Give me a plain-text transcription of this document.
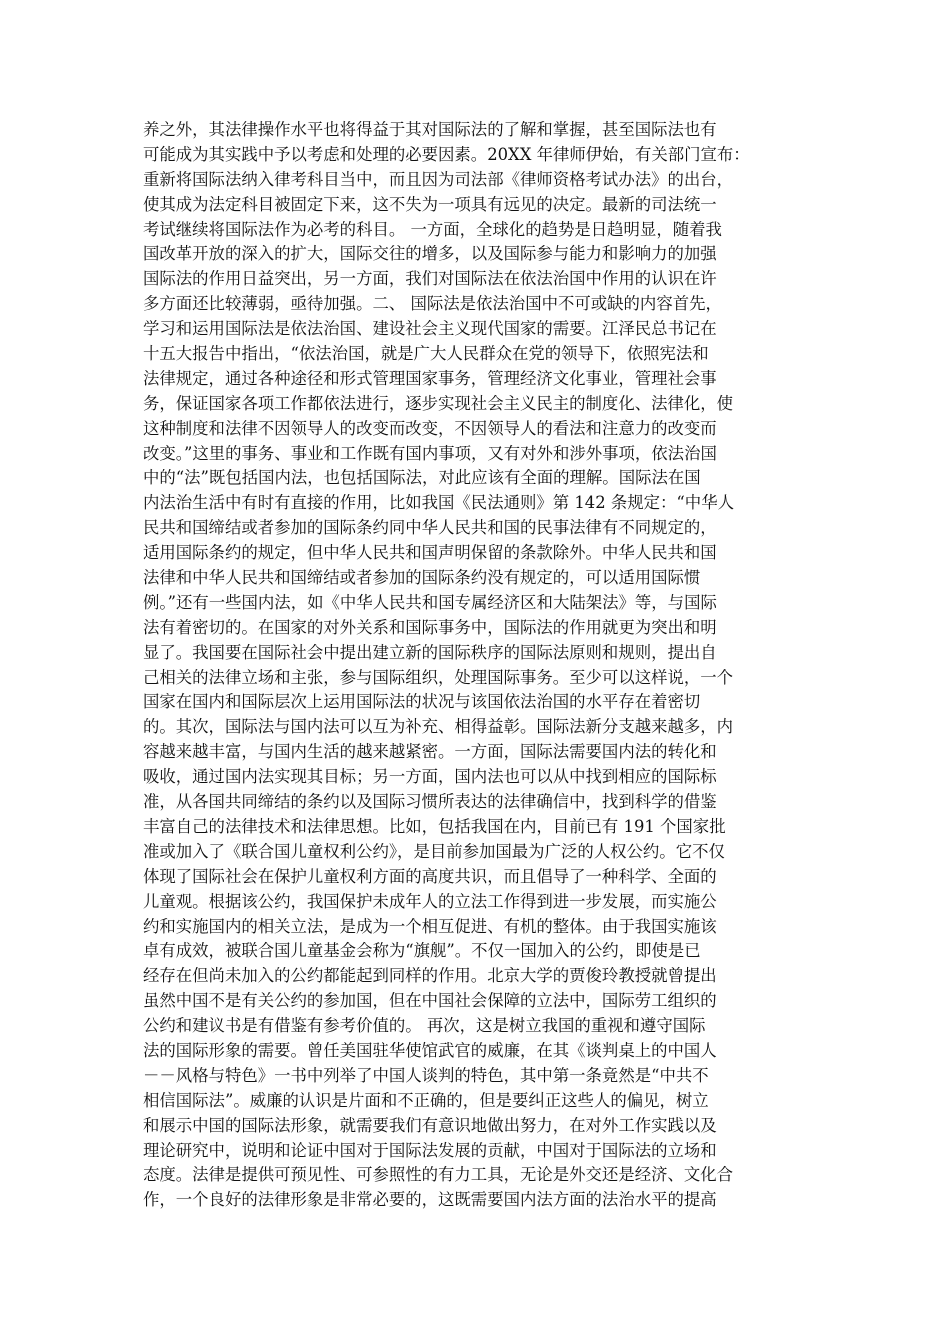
养之外，其法律操作水平也将得益于其对国际法的了解和掌握，甚至国际法也有
可能成为其实践中予以考虑和处理的必要因素。20XX 年律师伊始，有关部门宣布：
重新将国际法纳入律考科目当中，而且因为司法部《律师资格考试办法》的出台，
使其成为法定科目被固定下来，这不失为一项具有远见的决定。最新的司法统一
考试继续将国际法作为必考的科目。 一方面，全球化的趋势是日趋明显，随着我
国改革开放的深入的扩大，国际交往的增多，以及国际参与能力和影响力的加强
国际法的作用日益突出，另一方面，我们对国际法在依法治国中作用的认识在许
多方面还比较薄弱，亟待加强。二、 国际法是依法治国中不可或缺的内容首先，
学习和运用国际法是依法治国、建设社会主义现代国家的需要。江泽民总书记在
十五大报告中指出，“依法治国，就是广大人民群众在党的领导下，依照宪法和
法律规定，通过各种途径和形式管理国家事务，管理经济文化事业，管理社会事
务，保证国家各项工作都依法进行，逐步实现社会主义民主的制度化、法律化，使
这种制度和法律不因领导人的改变而改变，不因领导人的看法和注意力的改变而
改变。”这里的事务、事业和工作既有国内事项，又有对外和涉外事项，依法治国
中的“法”既包括国内法，也包括国际法，对此应该有全面的理解。国际法在国
内法治生活中有时有直接的作用，比如我国《民法通则》第 142 条规定：“中华人
民共和国缔结或者参加的国际条约同中华人民共和国的民事法律有不同规定的，
适用国际条约的规定，但中华人民共和国声明保留的条款除外。中华人民共和国
法律和中华人民共和国缔结或者参加的国际条约没有规定的，可以适用国际惯
例。”还有一些国内法，如《中华人民共和国专属经济区和大陆架法》等，与国际
法有着密切的。在国家的对外关系和国际事务中，国际法的作用就更为突出和明
显了。我国要在国际社会中提出建立新的国际秩序的国际法原则和规则，提出自
己相关的法律立场和主张，参与国际组织，处理国际事务。至少可以这样说，一个
国家在国内和国际层次上运用国际法的状况与该国依法治国的水平存在着密切
的。其次，国际法与国内法可以互为补充、相得益彰。国际法新分支越来越多，内
容越来越丰富，与国内生活的越来越紧密。一方面，国际法需要国内法的转化和
吸收，通过国内法实现其目标；另一方面，国内法也可以从中找到相应的国际标
准，从各国共同缔结的条约以及国际习惯所表达的法律确信中，找到科学的借鉴
丰富自己的法律技术和法律思想。比如，包括我国在内，目前已有 191 个国家批
准或加入了《联合国儿童权利公约》，是目前参加国最为广泛的人权公约。它不仅
体现了国际社会在保护儿童权利方面的高度共识，而且倡导了一种科学、全面的
儿童观。根据该公约，我国保护未成年人的立法工作得到进一步发展，而实施公
约和实施国内的相关立法，是成为一个相互促进、有机的整体。由于我国实施该
卓有成效，被联合国儿童基金会称为“旗舰”。不仅一国加入的公约，即使是已
经存在但尚未加入的公约都能起到同样的作用。北京大学的贾俊玲教授就曾提出
虽然中国不是有关公约的参加国，但在中国社会保障的立法中，国际劳工组织的
公约和建议书是有借鉴有参考价值的。 再次，这是树立我国的重视和遵守国际
法的国际形象的需要。曾任美国驻华使馆武官的威廉，在其《谈判桌上的中国人
－－风格与特色》一书中列举了中国人谈判的特色，其中第一条竟然是“中共不
相信国际法”。威廉的认识是片面和不正确的，但是要纠正这些人的偏见，树立
和展示中国的国际法形象，就需要我们有意识地做出努力，在对外工作实践以及
理论研究中，说明和论证中国对于国际法发展的贡献，中国对于国际法的立场和
态度。法律是提供可预见性、可参照性的有力工具，无论是外交还是经济、文化合
作，一个良好的法律形象是非常必要的，这既需要国内法方面的法治水平的提高
